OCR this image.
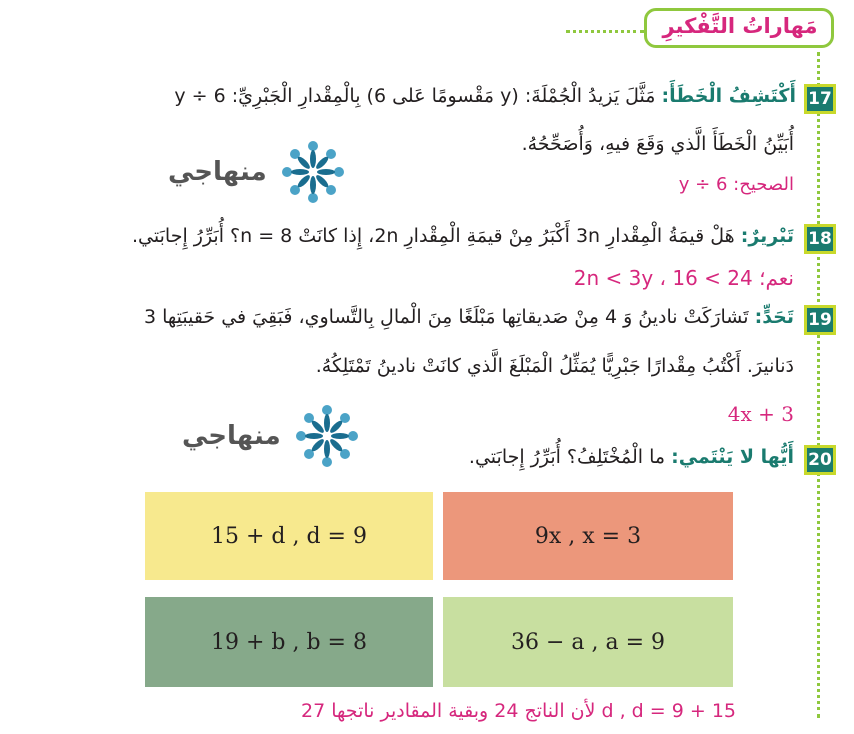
مَهاراتُ التَّفْكيرِ
17
أَكْتَشِفُ الْخَطَأَ: مَثَّلَ يَزيدُ الْجُمْلَةَ: (y مَقْسومًا عَلى 6) بِالْمِقْدارِ الْجَبْرِيِّ: y ÷ 6
أُبَيِّنُ الْخَطَأَ الَّذي وَقَعَ فيهِ، وَأُصَحِّحُهُ.
الصحيح: y ÷ 6
منهاجي
18
تَبْريرٌ: هَلْ قيمَةُ الْمِقْدارِ 3n أَكْبَرُ مِنْ قيمَةِ الْمِقْدارِ 2n، إِذا كانَتْ n = 8؟ أُبَرِّرُ إِجابَتي.
نعم؛ 2n < 3y ، 16 < 24
19
تَحَدٍّ: تَشارَكَتْ نادينُ وَ 4 مِنْ صَديقاتِها مَبْلَغًا مِنَ الْمالِ بِالتَّساوي، فَبَقِيَ في حَقيبَتِها 3
دَنانيرَ. أَكْتُبُ مِقْدارًا جَبْرِيًّا يُمَثِّلُ الْمَبْلَغَ الَّذي كانَتْ نادينُ تَمْتَلِكُهُ.
4x + 3
منهاجي
20
أَيُّها لا يَنْتَمي: ما الْمُخْتَلِفُ؟ أُبَرِّرُ إِجابَتي.
15 + d , d = 9	9x , x = 3
19 + b , b = 8	36 − a , a = 9
15 + d , d = 9 لأن الناتج 24 وبقية المقادير ناتجها 27
